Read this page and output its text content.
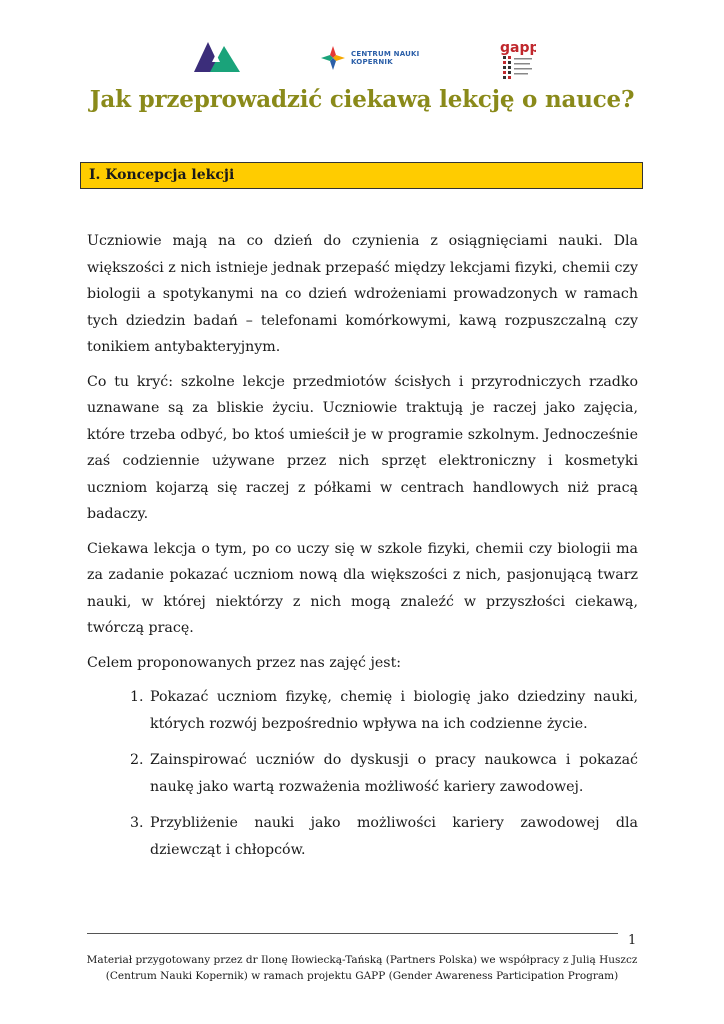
CENTRUM NAUKI
KOPERNIK
gapp
Jak przeprowadzić ciekawą lekcję o nauce?
I. Koncepcja lekcji

Uczniowie mają na co dzień do czynienia z osiągnięciami nauki. Dla większości z nich istnieje jednak przepaść między lekcjami fizyki, chemii czy biologii a spotykanymi na co dzień wdrożeniami prowadzonych w ramach tych dziedzin badań – telefonami komórkowymi, kawą rozpuszczalną czy tonikiem antybakteryjnym.

Co tu kryć: szkolne lekcje przedmiotów ścisłych i przyrodniczych rzadko uznawane są za bliskie życiu. Uczniowie traktują je raczej jako zajęcia, które trzeba odbyć, bo ktoś umieścił je w programie szkolnym. Jednocześnie zaś codziennie używane przez nich sprzęt elektroniczny i kosmetyki uczniom kojarzą się raczej z półkami w centrach handlowych niż pracą badaczy.

Ciekawa lekcja o tym, po co uczy się w szkole fizyki, chemii czy biologii ma za zadanie pokazać uczniom nową dla większości z nich, pasjonującą twarz nauki, w której niektórzy z nich mogą znaleźć w przyszłości ciekawą, twórczą pracę.

Celem proponowanych przez nas zajęć jest:

1. Pokazać uczniom fizykę, chemię i biologię jako dziedziny nauki, których rozwój bezpośrednio wpływa na ich codzienne życie.
2. Zainspirować uczniów do dyskusji o pracy naukowca i pokazać naukę jako wartą rozważenia możliwość kariery zawodowej.
3. Przybliżenie nauki jako możliwości kariery zawodowej dla dziewcząt i chłopców.
1
Materiał przygotowany przez dr Ilonę Iłowiecką-Tańską (Partners Polska) we współpracy z Julią Huszcz
(Centrum Nauki Kopernik) w ramach projektu GAPP (Gender Awareness Participation Program)
